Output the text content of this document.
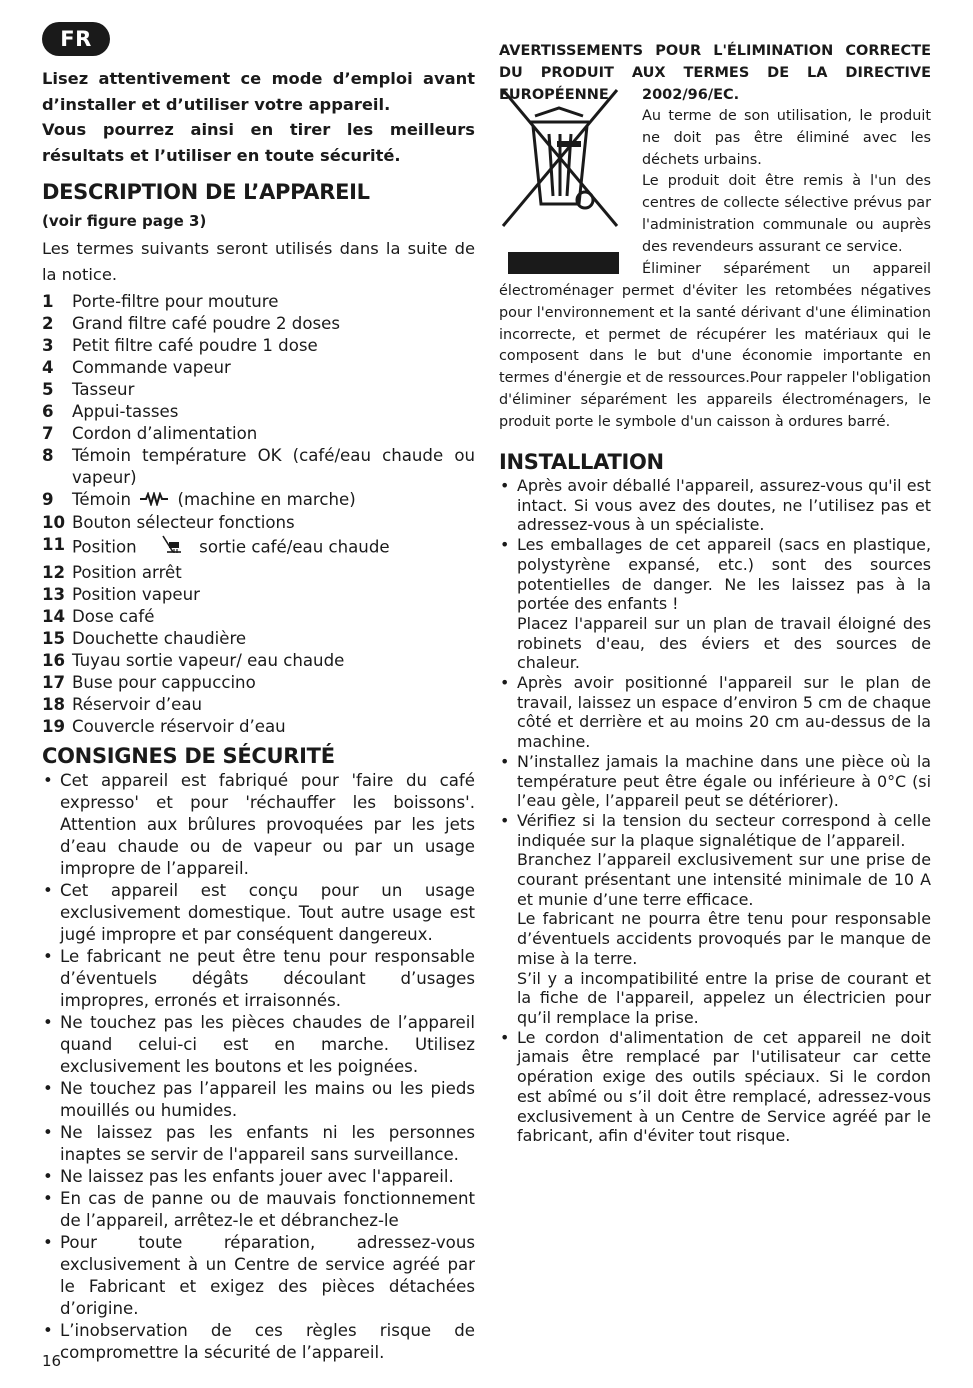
FR

Lisez attentivement ce mode d’emploi avant d’installer et d’utiliser votre appareil.

Vous pourrez ainsi en tirer les meilleurs résultats et l’utiliser en toute sécurité.

DESCRIPTION DE L’APPAREIL
(voir figure page 3)
Les termes suivants seront utilisés dans la suite de la notice.
1	Porte-filtre pour mouture
2	Grand filtre café poudre 2 doses
3	Petit filtre café poudre 1 dose
4	Commande vapeur
5	Tasseur
6	Appui-tasses
7	Cordon d’alimentation
8	Témoin température OK (café/eau chaude ou vapeur)
9	Témoin	(machine en marche)
10 Bouton sélecteur fonctions
11 Position	sortie café/eau chaude
12 Position arrêt
13 Position vapeur
14 Dose café
15 Douchette chaudière
16 Tuyau sortie vapeur/ eau chaude
17 Buse pour cappuccino
18 Réservoir d’eau
19 Couvercle réservoir d’eau
CONSIGNES DE SÉCURITÉ
• Cet appareil est fabriqué pour 'faire du café expresso' et pour 'réchauffer les boissons'. Attention aux brûlures provoquées par les jets d’eau chaude ou de vapeur ou par un usage impropre de l’appareil.
• Cet appareil est conçu pour un usage exclusivement domestique. Tout autre usage est jugé impropre et par conséquent dangereux.
• Le fabricant ne peut être tenu pour responsable d’éventuels dégâts découlant d’usages impropres, erronés et irraisonnés.
• Ne touchez pas les pièces chaudes de l’appareil quand celui-ci est en marche. Utilisez exclusivement les boutons et les poignées.
• Ne touchez pas l’appareil les mains ou les pieds mouillés ou humides.
• Ne laissez pas les enfants ni les personnes inaptes se servir de l'appareil sans surveillance.
• Ne laissez pas les enfants jouer avec l'appareil.
• En cas de panne ou de mauvais fonctionnement de l’appareil, arrêtez-le et débranchez-le
• Pour toute réparation, adressez-vous exclusivement à un Centre de service agréé par le Fabricant et exigez des pièces détachées d’origine.
• L’inobservation de ces règles risque de compromettre la sécurité de l’appareil.
AVERTISSEMENTS POUR L'ÉLIMINATION CORRECTE DU PRODUIT AUX TERMES DE LA DIRECTIVE EUROPÉENNE	2002/96/EC.

Au terme de son utilisation, le produit ne doit pas être éliminé avec les déchets urbains.

Le produit doit être remis à l'un des centres de collecte sélective prévus par l'administration communale ou auprès des revendeurs assurant ce service.

Éliminer séparément un appareil

électroménager permet d'éviter les retombées négatives pour l'environnement et la santé dérivant d'une élimination incorrecte, et permet de récupérer les matériaux qui le composent dans le but d'une économie importante en termes d'énergie et de ressources.Pour rappeler l'obligation d'éliminer séparément les appareils électroménagers, le produit porte le symbole d'un caisson à ordures barré.
INSTALLATION
• Après avoir déballé l'appareil, assurez-vous qu'il est intact. Si vous avez des doutes, ne l’utilisez pas et adressez-vous à un spécialiste.
• Les emballages de cet appareil (sacs en plastique, polystyrène expansé, etc.) sont des sources potentielles de danger. Ne les laissez pas à la portée des enfants !
Placez l'appareil sur un plan de travail éloigné des robinets d'eau, des éviers et des sources de chaleur.
• Après avoir positionné l'appareil sur le plan de travail, laissez un espace d’environ 5 cm de chaque côté et derrière et au moins 20 cm au-dessus de la machine.
• N’installez jamais la machine dans une pièce où la température peut être égale ou inférieure à 0°C (si l’eau gèle, l’appareil peut se détériorer).
• Vérifiez si la tension du secteur correspond à celle indiquée sur la plaque signalétique de l’appareil.
Branchez l’appareil exclusivement sur une prise de courant présentant une intensité minimale de 10 A et munie d’une terre efficace.
Le fabricant ne pourra être tenu pour responsable d’éventuels accidents provoqués par le manque de mise à la terre.
S’il y a incompatibilité entre la prise de courant et la fiche de l'appareil, appelez un électricien pour qu’il remplace la prise.
• Le cordon d'alimentation de cet appareil ne doit jamais être remplacé par l'utilisateur car cette opération exige des outils spéciaux. Si le cordon est abîmé ou s’il doit être remplacé, adressez-vous exclusivement à un Centre de Service agréé par le fabricant, afin d'éviter tout risque.
16
